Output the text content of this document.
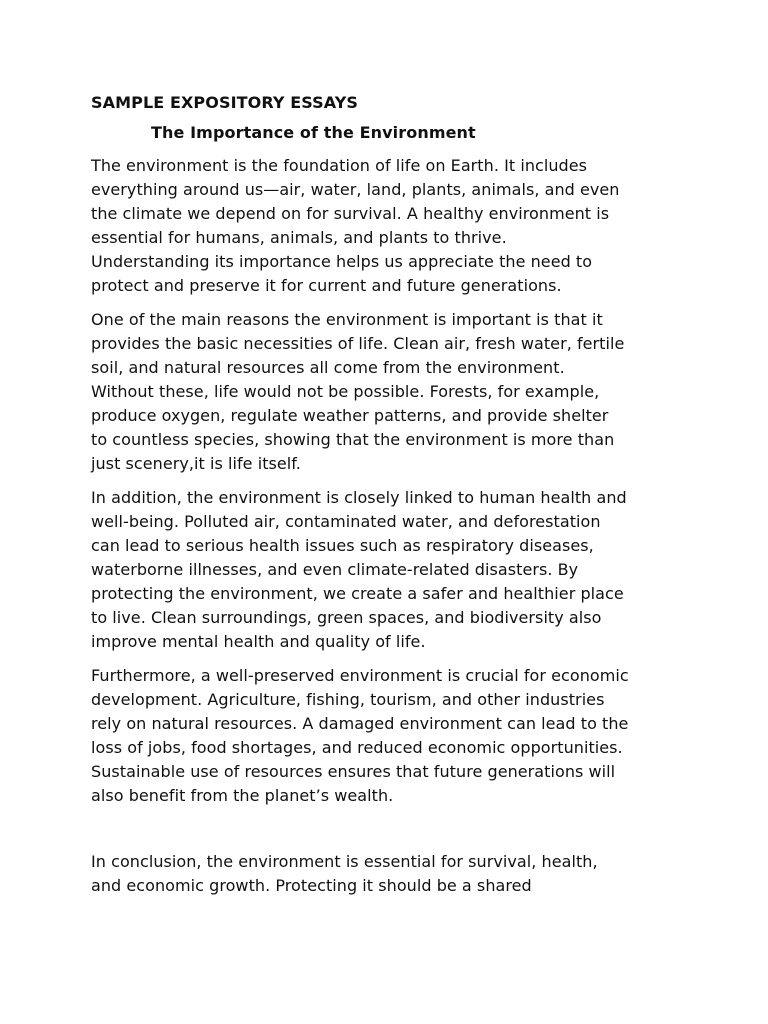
SAMPLE EXPOSITORY ESSAYS

The Importance of the Environment

The environment is the foundation of life on Earth. It includes
everything around us—air, water, land, plants, animals, and even
the climate we depend on for survival. A healthy environment is
essential for humans, animals, and plants to thrive.
Understanding its importance helps us appreciate the need to
protect and preserve it for current and future generations.

One of the main reasons the environment is important is that it
provides the basic necessities of life. Clean air, fresh water, fertile
soil, and natural resources all come from the environment.
Without these, life would not be possible. Forests, for example,
produce oxygen, regulate weather patterns, and provide shelter
to countless species, showing that the environment is more than
just scenery,it is life itself.

In addition, the environment is closely linked to human health and
well-being. Polluted air, contaminated water, and deforestation
can lead to serious health issues such as respiratory diseases,
waterborne illnesses, and even climate-related disasters. By
protecting the environment, we create a safer and healthier place
to live. Clean surroundings, green spaces, and biodiversity also
improve mental health and quality of life.

Furthermore, a well-preserved environment is crucial for economic
development. Agriculture, fishing, tourism, and other industries
rely on natural resources. A damaged environment can lead to the
loss of jobs, food shortages, and reduced economic opportunities.
Sustainable use of resources ensures that future generations will
also benefit from the planet’s wealth.

In conclusion, the environment is essential for survival, health,
and economic growth. Protecting it should be a shared
